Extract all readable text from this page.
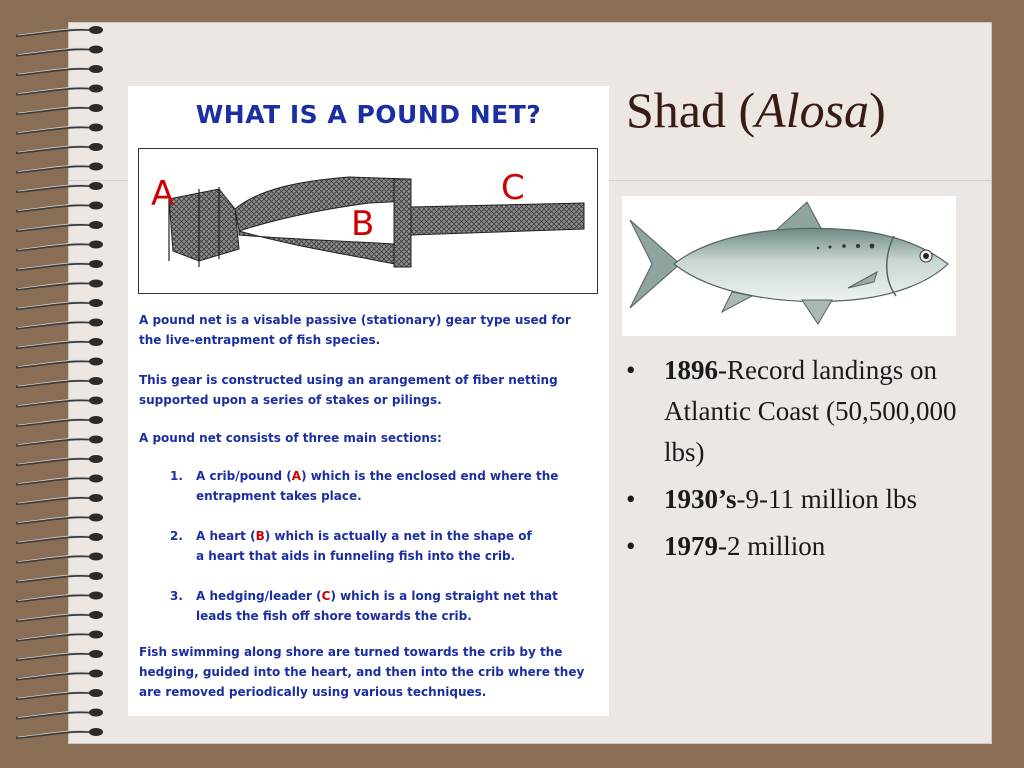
Shad (Alosa)
WHAT IS A POUND NET?
A
B
C
A pound net is a visable passive (stationary) gear type used for
the live-entrapment of fish species.
This gear is constructed using an arangement of fiber netting
supported upon a series of stakes or pilings.
A pound net consists of three main sections:
1. A crib/pound (A) which is the enclosed end where the
entrapment takes place.
2. A heart (B) which is actually a net in the shape of
a heart that aids in funneling fish into the crib.
3. A hedging/leader (C) which is a long straight net that
leads the fish off shore towards the crib.
Fish swimming along shore are turned towards the crib by the
hedging, guided into the heart, and then into the crib where they
are removed periodically using various techniques.
• 1896-Record landings on Atlantic Coast (50,500,000 lbs)
• 1930’s-9-11 million lbs
• 1979-2 million
